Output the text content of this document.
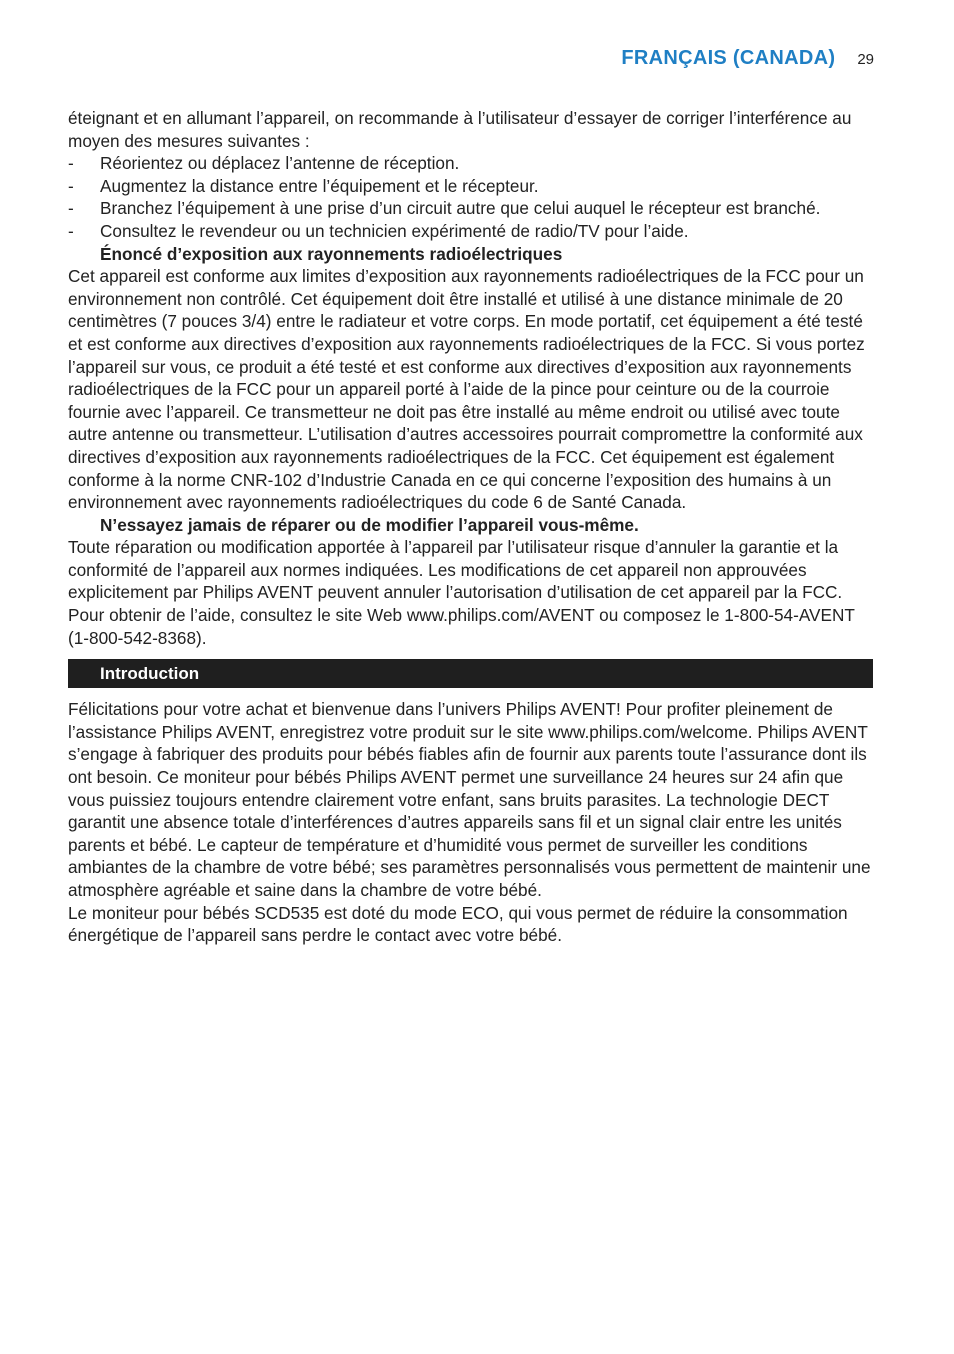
FRANÇAIS (CANADA) 29

éteignant et en allumant l’appareil, on recommande à l’utilisateur d’essayer de corriger l’interférence au moyen des mesures suivantes :

- Réorientez ou déplacez l’antenne de réception.
- Augmentez la distance entre l’équipement et le récepteur.
- Branchez l’équipement à une prise d’un circuit autre que celui auquel le récepteur est branché.
- Consultez le revendeur ou un technicien expérimenté de radio/TV pour l’aide.

Énoncé d’exposition aux rayonnements radioélectriques

Cet appareil est conforme aux limites d’exposition aux rayonnements radioélectriques de la FCC pour un environnement non contrôlé. Cet équipement doit être installé et utilisé à une distance minimale de 20 centimètres (7 pouces 3/4) entre le radiateur et votre corps. En mode portatif, cet équipement a été testé et est conforme aux directives d’exposition aux rayonnements radioélectriques de la FCC. Si vous portez l’appareil sur vous, ce produit a été testé et est conforme aux directives d’exposition aux rayonnements radioélectriques de la FCC pour un appareil porté à l’aide de la pince pour ceinture ou de la courroie fournie avec l’appareil. Ce transmetteur ne doit pas être installé au même endroit ou utilisé avec toute autre antenne ou transmetteur. L’utilisation d’autres accessoires pourrait compromettre la conformité aux directives d’exposition aux rayonnements radioélectriques de la FCC. Cet équipement est également conforme à la norme CNR-102 d’Industrie Canada en ce qui concerne l’exposition des humains à un environnement avec rayonnements radioélectriques du code 6 de Santé Canada.

N’essayez jamais de réparer ou de modifier l’appareil vous-même.

Toute réparation ou modification apportée à l’appareil par l’utilisateur risque d’annuler la garantie et la conformité de l’appareil aux normes indiquées. Les modifications de cet appareil non approuvées explicitement par Philips AVENT peuvent annuler l’autorisation d’utilisation de cet appareil par la FCC. Pour obtenir de l’aide, consultez le site Web www.philips.com/AVENT ou composez le 1-800-54-AVENT (1-800-542-8368).

Introduction

Félicitations pour votre achat et bienvenue dans l’univers Philips AVENT! Pour profiter pleinement de l’assistance Philips AVENT, enregistrez votre produit sur le site www.philips.com/welcome. Philips AVENT s’engage à fabriquer des produits pour bébés fiables afin de fournir aux parents toute l’assurance dont ils ont besoin. Ce moniteur pour bébés Philips AVENT permet une surveillance 24 heures sur 24 afin que vous puissiez toujours entendre clairement votre enfant, sans bruits parasites. La technologie DECT garantit une absence totale d’interférences d’autres appareils sans fil et un signal clair entre les unités parents et bébé. Le capteur de température et d’humidité vous permet de surveiller les conditions ambiantes de la chambre de votre bébé; ses paramètres personnalisés vous permettent de maintenir une atmosphère agréable et saine dans la chambre de votre bébé.

Le moniteur pour bébés SCD535 est doté du mode ECO, qui vous permet de réduire la consommation énergétique de l’appareil sans perdre le contact avec votre bébé.
